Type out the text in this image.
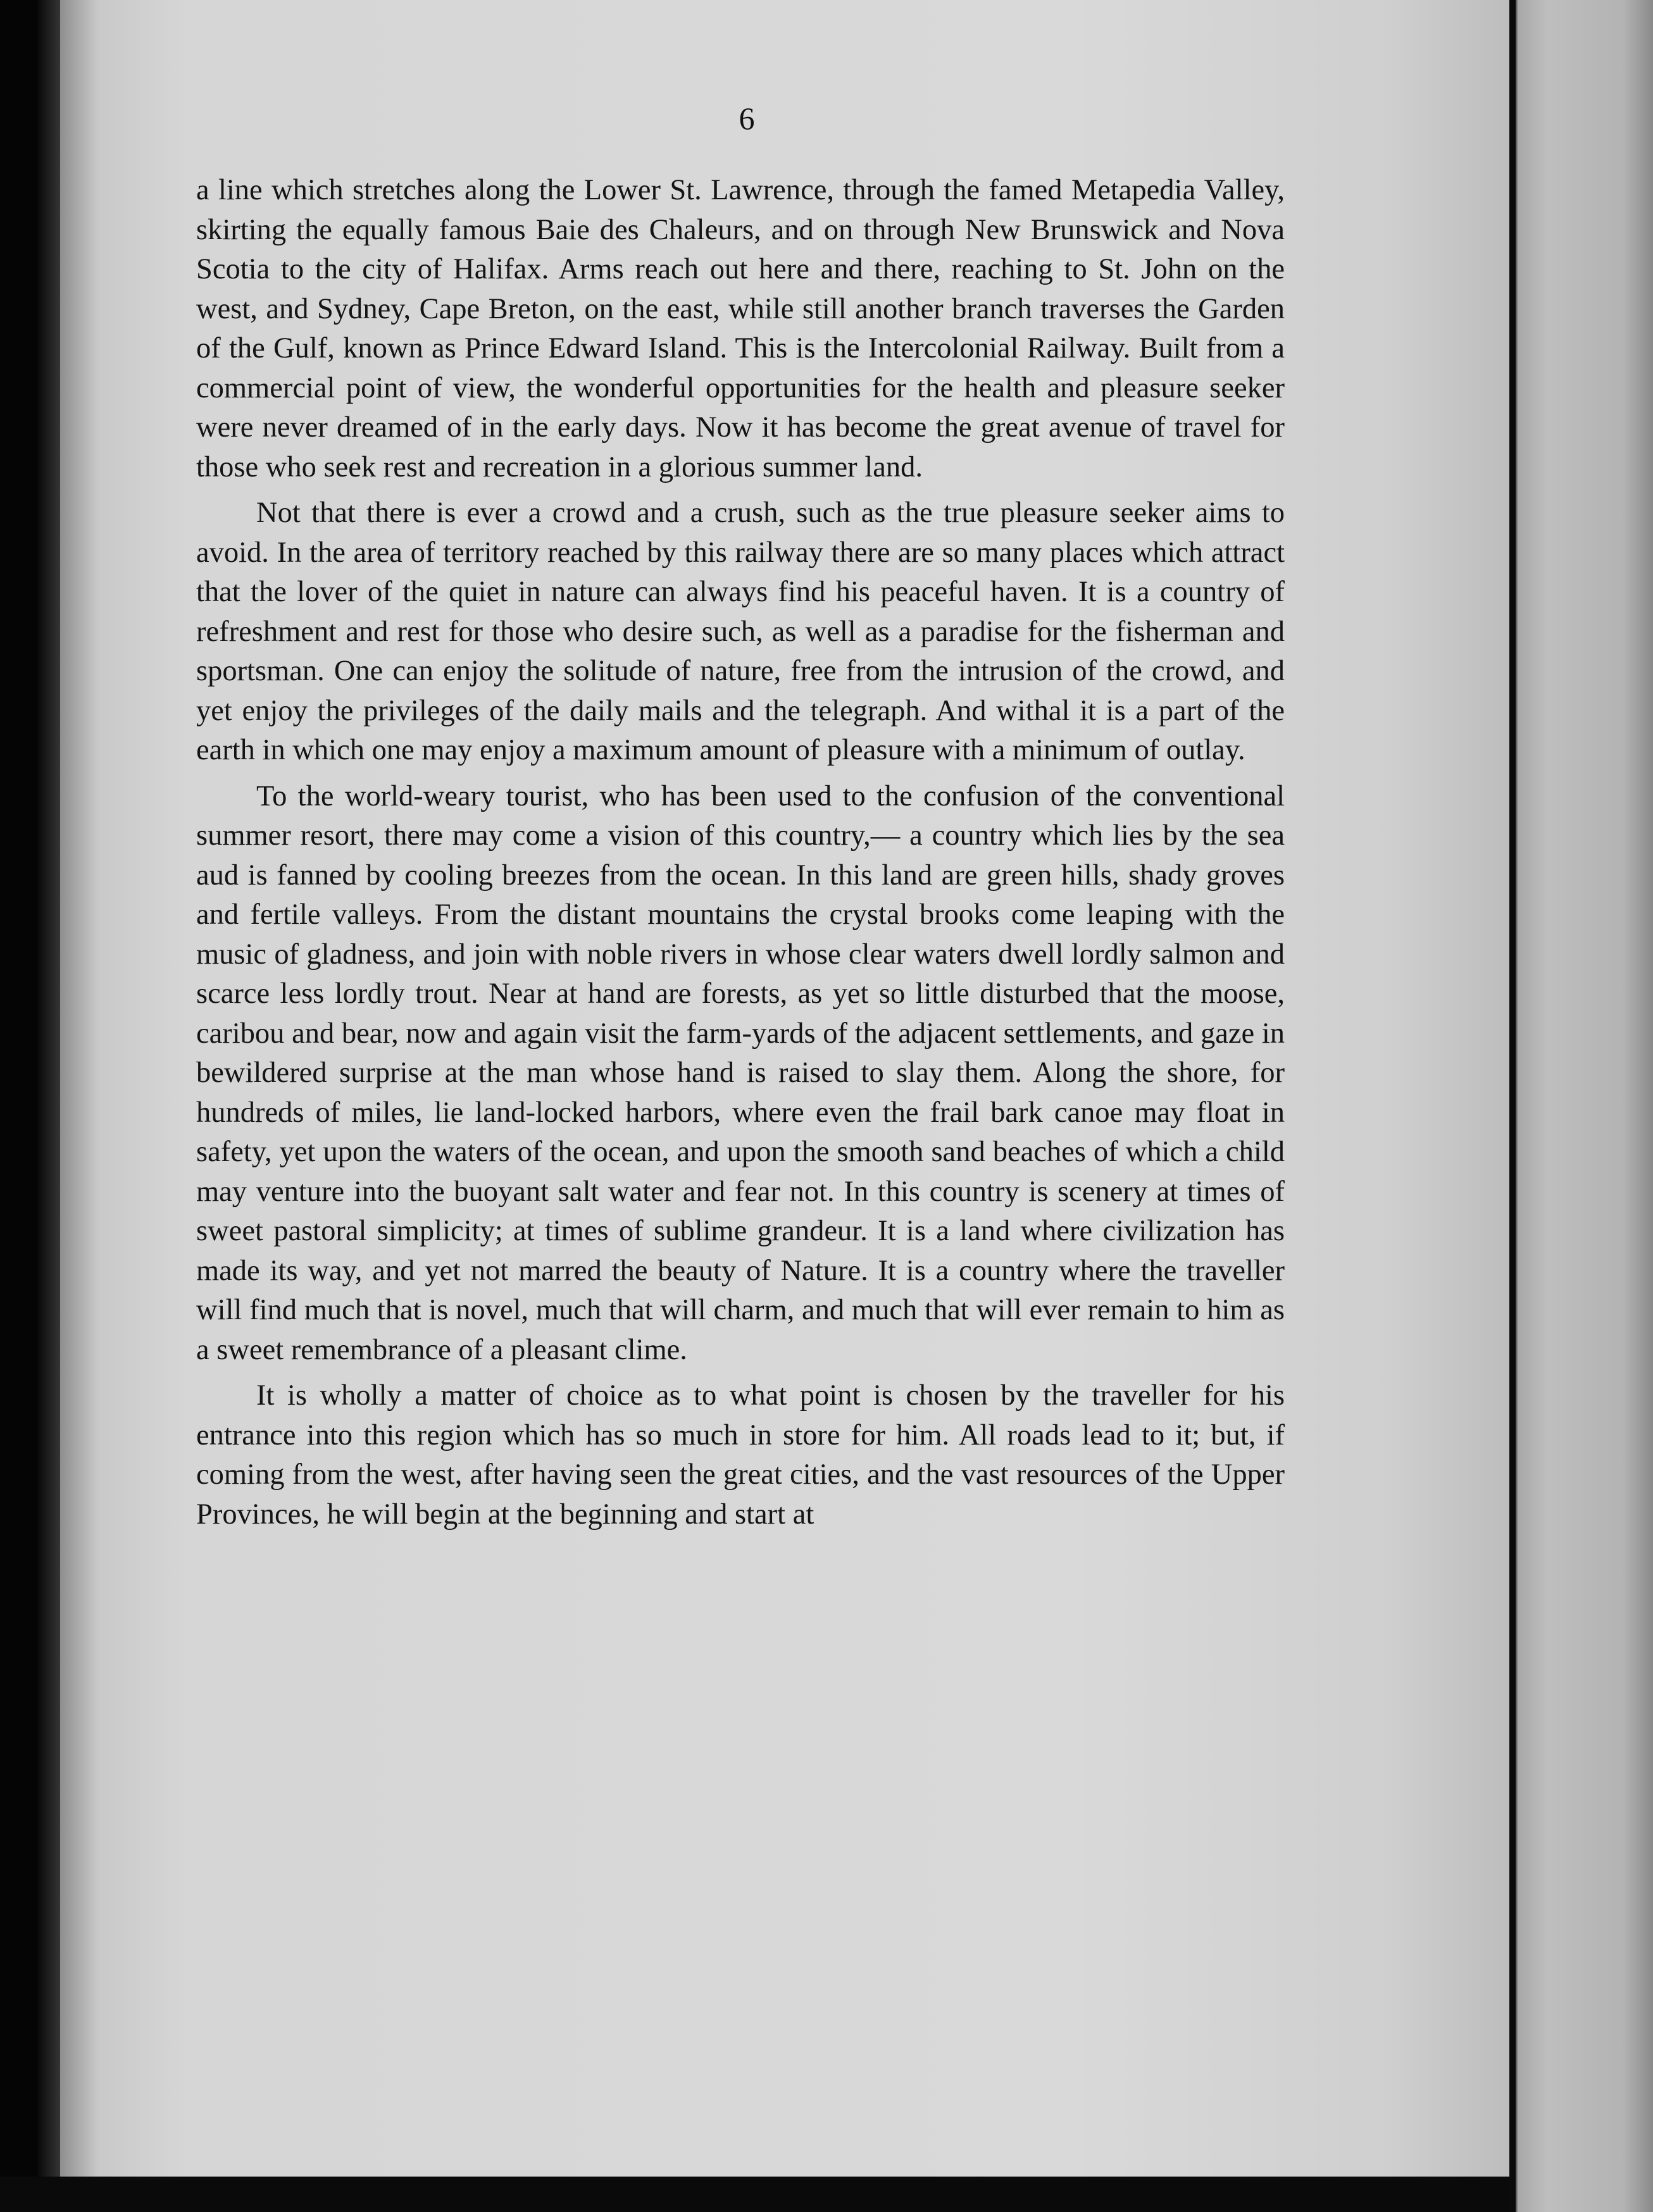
6

a line which stretches along the Lower St. Lawrence, through the famed Metapedia Valley, skirting the equally famous Baie des Chaleurs, and on through New Brunswick and Nova Scotia to the city of Halifax. Arms reach out here and there, reaching to St. John on the west, and Sydney, Cape Breton, on the east, while still another branch traverses the Garden of the Gulf, known as Prince Edward Island. This is the Intercolonial Railway. Built from a commercial point of view, the wonderful opportunities for the health and pleasure seeker were never dreamed of in the early days. Now it has become the great avenue of travel for those who seek rest and recreation in a glorious summer land.

Not that there is ever a crowd and a crush, such as the true pleasure seeker aims to avoid. In the area of territory reached by this railway there are so many places which attract that the lover of the quiet in nature can always find his peaceful haven. It is a country of refreshment and rest for those who desire such, as well as a paradise for the fisherman and sportsman. One can enjoy the solitude of nature, free from the intrusion of the crowd, and yet enjoy the privileges of the daily mails and the telegraph. And withal it is a part of the earth in which one may enjoy a maximum amount of pleasure with a minimum of outlay.

To the world-weary tourist, who has been used to the confusion of the conventional summer resort, there may come a vision of this country,— a country which lies by the sea aud is fanned by cooling breezes from the ocean. In this land are green hills, shady groves and fertile valleys. From the distant mountains the crystal brooks come leaping with the music of gladness, and join with noble rivers in whose clear waters dwell lordly salmon and scarce less lordly trout. Near at hand are forests, as yet so little disturbed that the moose, caribou and bear, now and again visit the farm-yards of the adjacent settlements, and gaze in bewildered surprise at the man whose hand is raised to slay them. Along the shore, for hundreds of miles, lie land-locked harbors, where even the frail bark canoe may float in safety, yet upon the waters of the ocean, and upon the smooth sand beaches of which a child may venture into the buoyant salt water and fear not. In this country is scenery at times of sweet pastoral simplicity; at times of sublime grandeur. It is a land where civilization has made its way, and yet not marred the beauty of Nature. It is a country where the traveller will find much that is novel, much that will charm, and much that will ever remain to him as a sweet remembrance of a pleasant clime.

It is wholly a matter of choice as to what point is chosen by the traveller for his entrance into this region which has so much in store for him. All roads lead to it; but, if coming from the west, after having seen the great cities, and the vast resources of the Upper Provinces, he will begin at the beginning and start at
